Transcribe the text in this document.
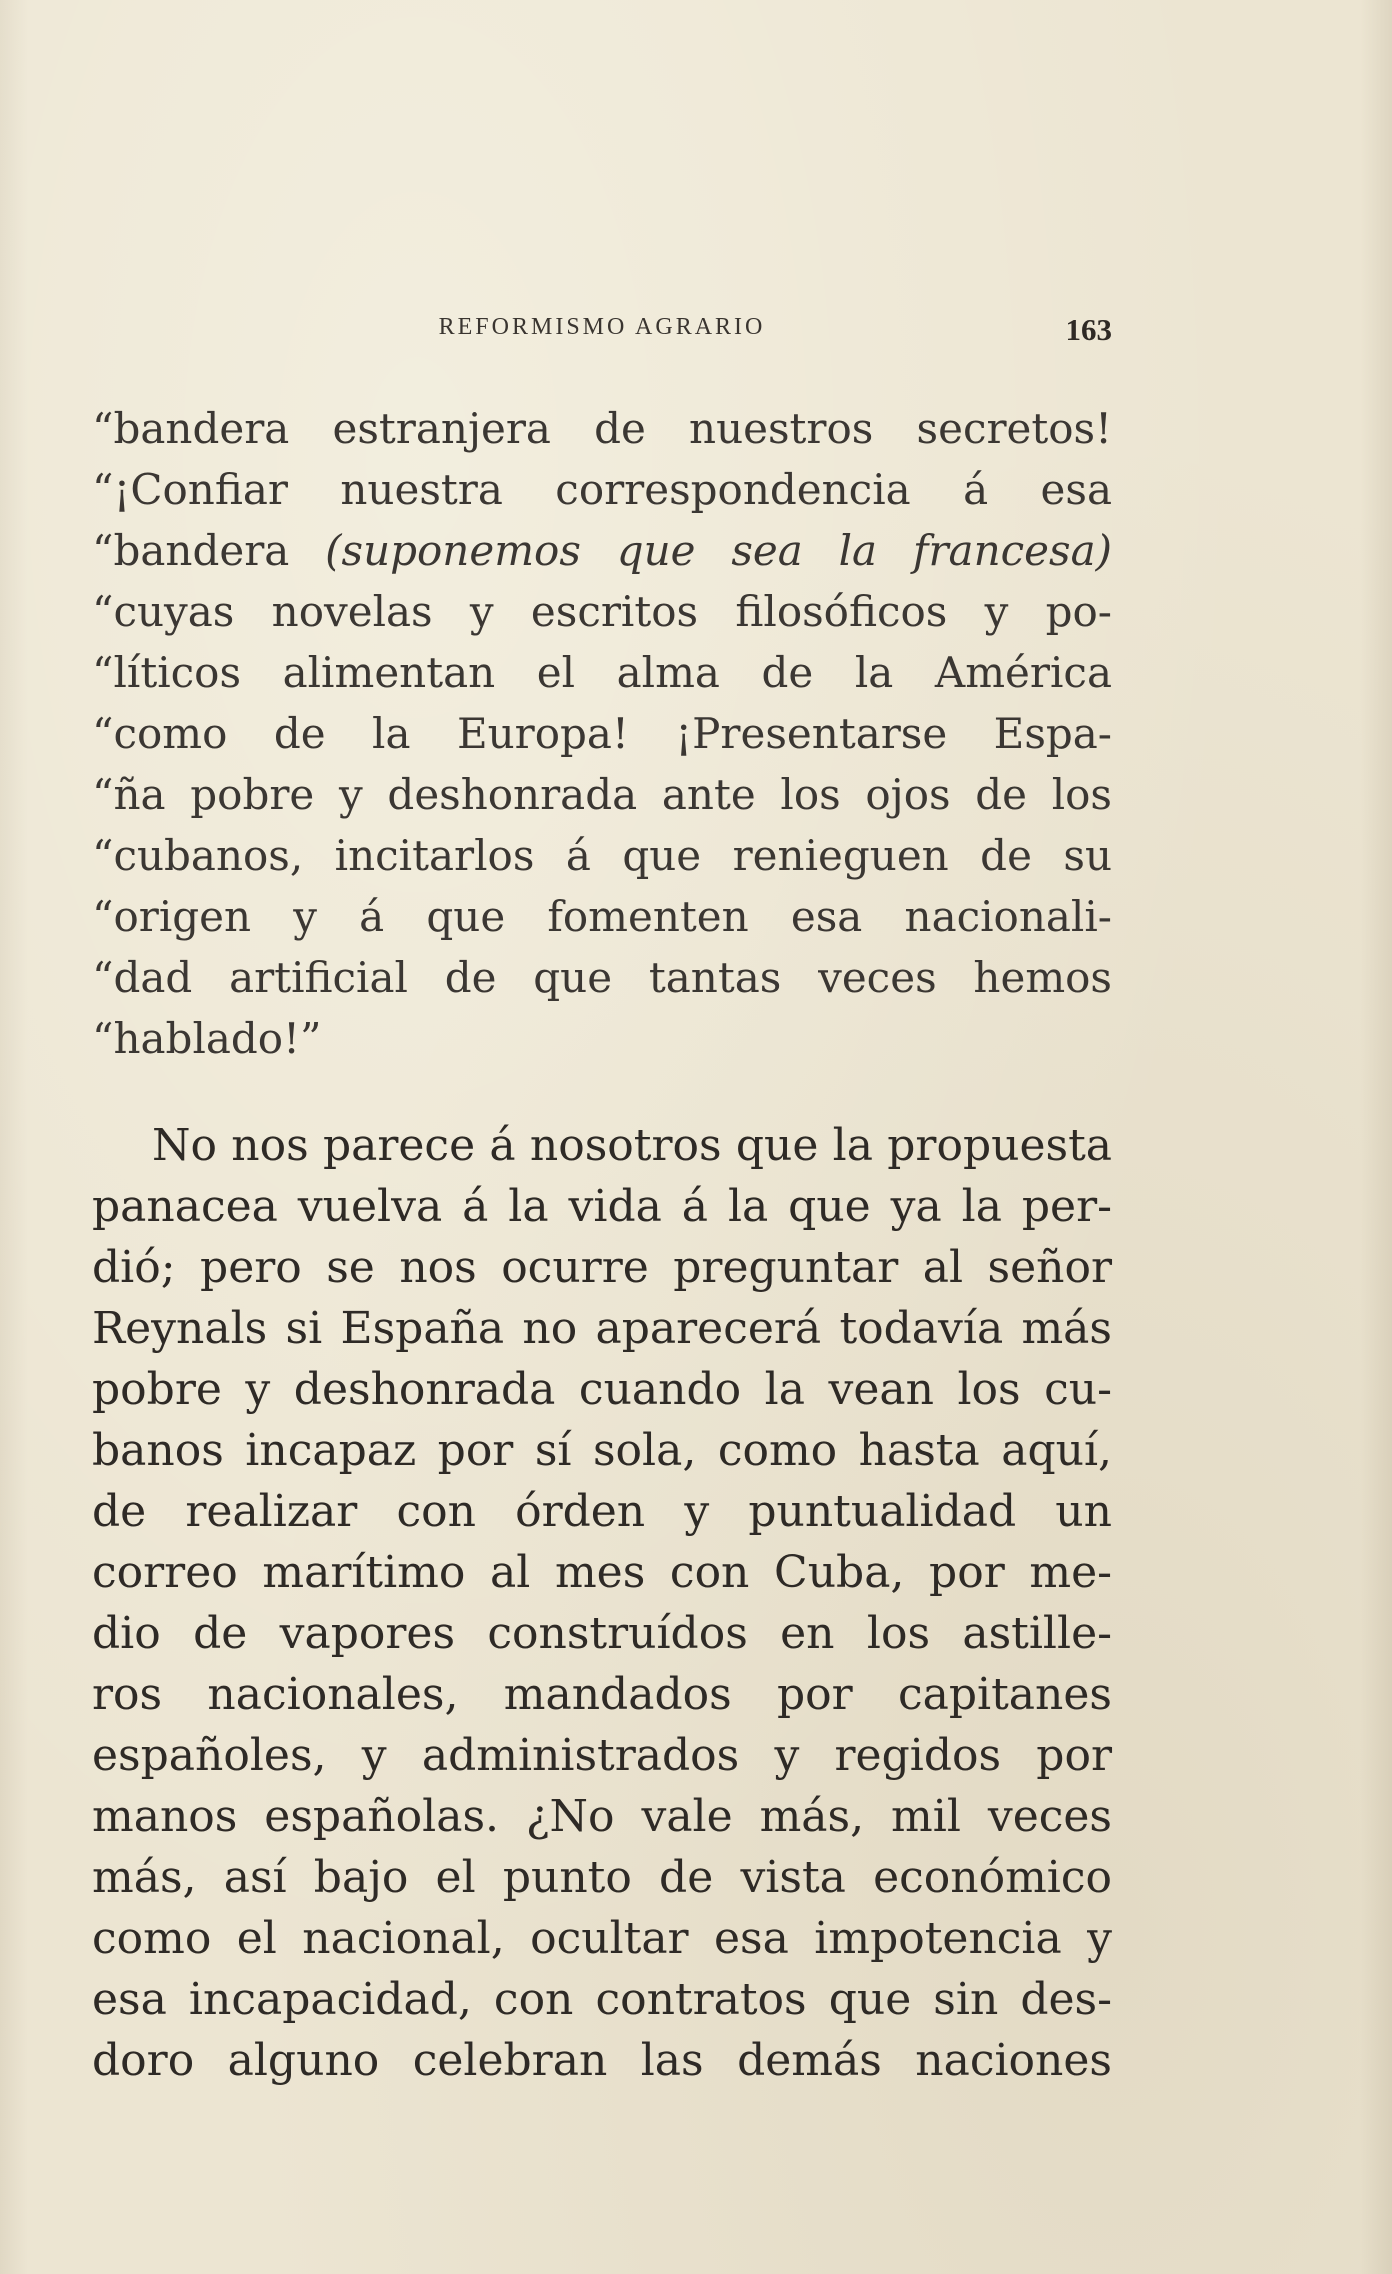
REFORMISMO AGRARIO	163
“bandera estranjera de nuestros secretos!
“¡Confiar nuestra correspondencia á esa
“bandera (suponemos que sea la francesa)
“cuyas novelas y escritos filosóficos y po-
“líticos alimentan el alma de la América
“como de la Europa! ¡Presentarse Espa-
“ña pobre y deshonrada ante los ojos de los
“cubanos, incitarlos á que renieguen de su
“origen y á que fomenten esa nacionali-
“dad artificial de que tantas veces hemos
“hablado!”
No nos parece á nosotros que la propuesta
panacea vuelva á la vida á la que ya la per-
dió; pero se nos ocurre preguntar al señor
Reynals si España no aparecerá todavía más
pobre y deshonrada cuando la vean los cu-
banos incapaz por sí sola, como hasta aquí,
de realizar con órden y puntualidad un
correo marítimo al mes con Cuba, por me-
dio de vapores construídos en los astille-
ros nacionales, mandados por capitanes
españoles, y administrados y regidos por
manos españolas. ¿No vale más, mil veces
más, así bajo el punto de vista económico
como el nacional, ocultar esa impotencia y
esa incapacidad, con contratos que sin des-
doro alguno celebran las demás naciones
